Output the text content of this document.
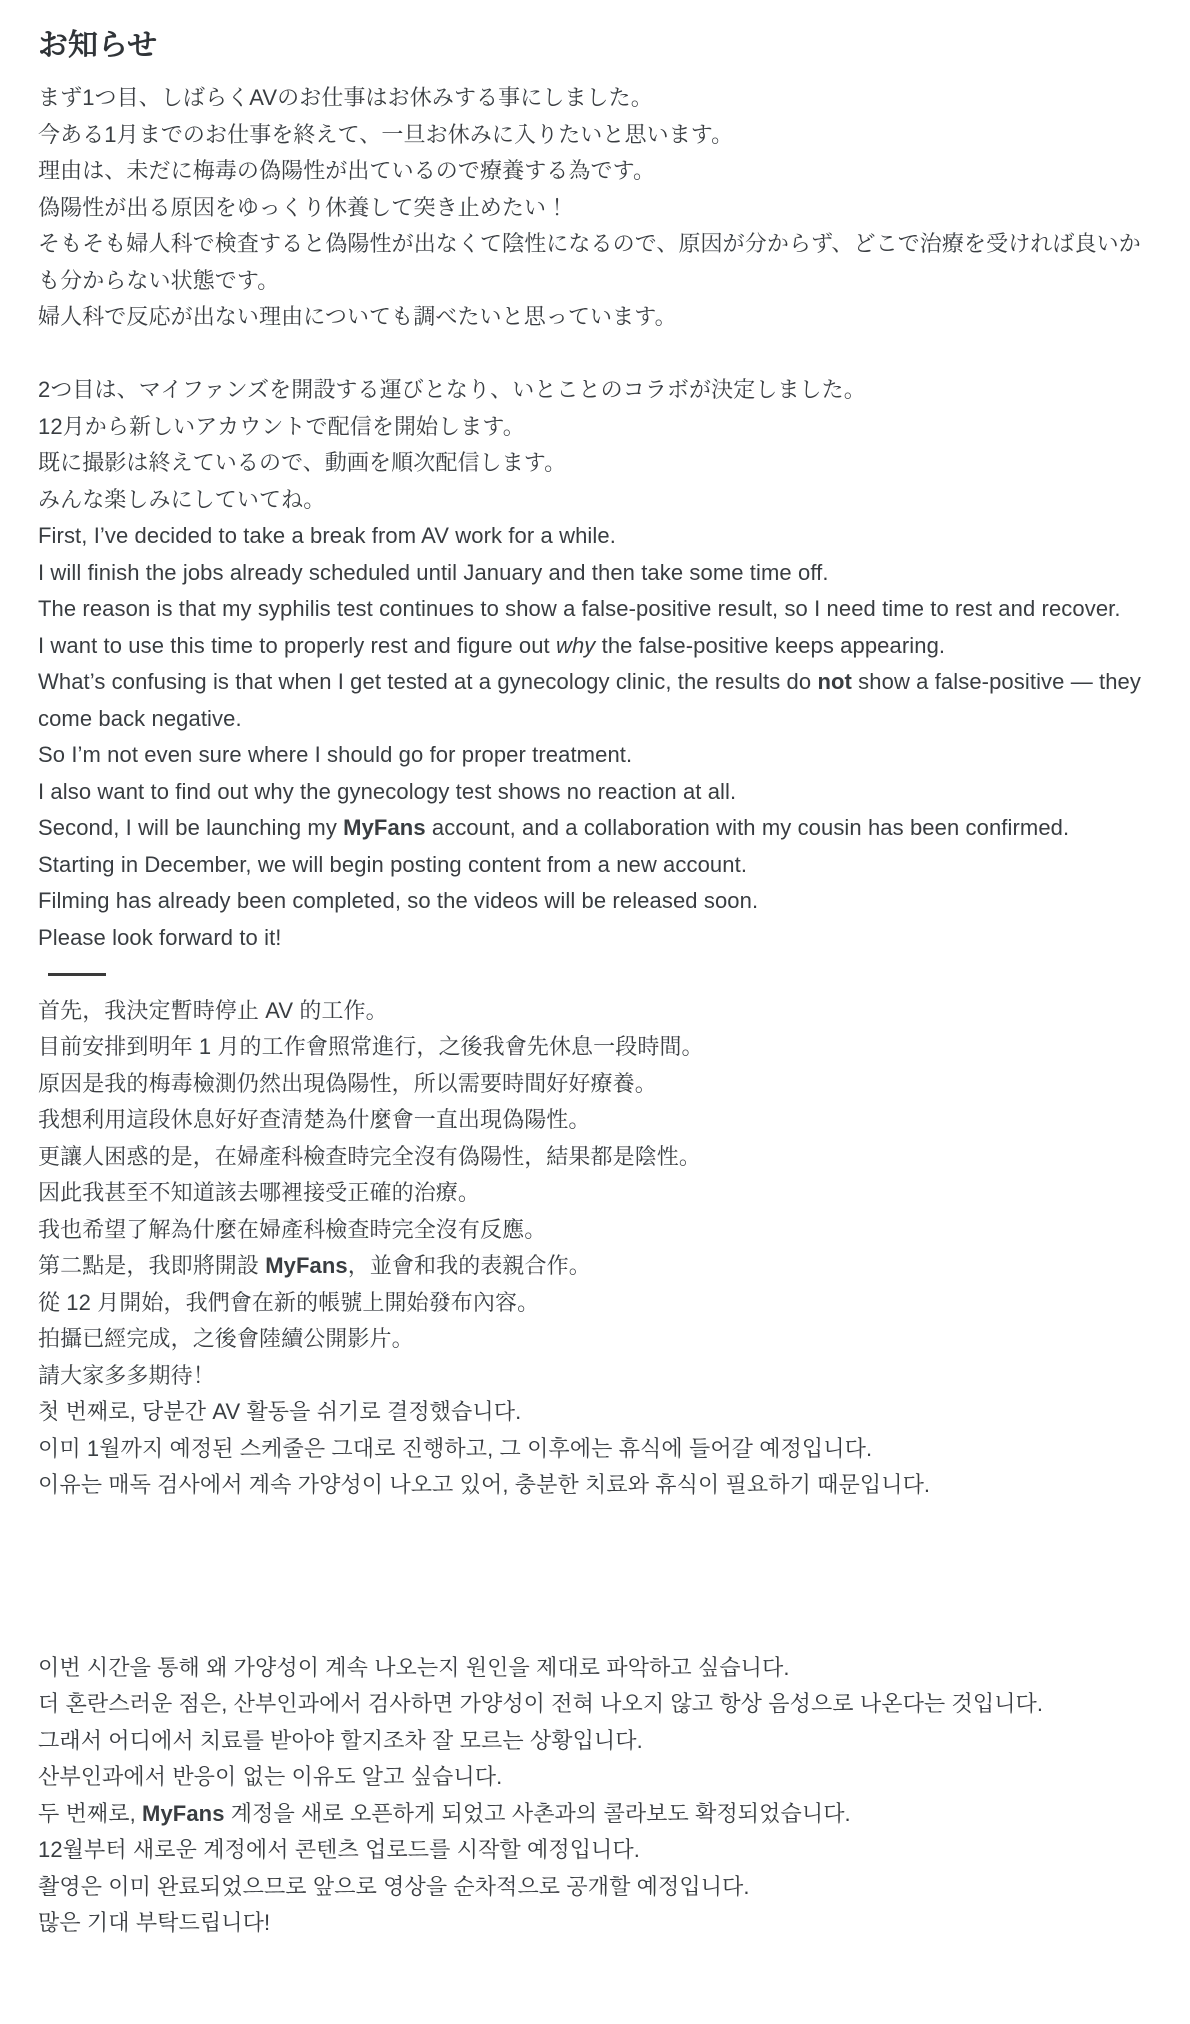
お知らせ

まず1つ目、しばらくAVのお仕事はお休みする事にしました。

今ある1月までのお仕事を終えて、一旦お休みに入りたいと思います。

理由は、未だに梅毒の偽陽性が出ているので療養する為です。

偽陽性が出る原因をゆっくり休養して突き止めたい！

そもそも婦人科で検査すると偽陽性が出なくて陰性になるので、原因が分からず、どこで治療を受ければ良いかも分からない状態です。

婦人科で反応が出ない理由についても調べたいと思っています。

2つ目は、マイファンズを開設する運びとなり、いとことのコラボが決定しました。

12月から新しいアカウントで配信を開始します。

既に撮影は終えているので、動画を順次配信します。

みんな楽しみにしていてね。

First, I’ve decided to take a break from AV work for a while.

I will finish the jobs already scheduled until January and then take some time off.

The reason is that my syphilis test continues to show a false-positive result, so I need time to rest and recover.

I want to use this time to properly rest and figure out why the false-positive keeps appearing.

What’s confusing is that when I get tested at a gynecology clinic, the results do not show a false-positive — they come back negative.

So I’m not even sure where I should go for proper treatment.

I also want to find out why the gynecology test shows no reaction at all.

Second, I will be launching my MyFans account, and a collaboration with my cousin has been confirmed.

Starting in December, we will begin posting content from a new account.

Filming has already been completed, so the videos will be released soon.

Please look forward to it!

首先，我決定暫時停止 AV 的工作。

目前安排到明年 1 月的工作會照常進行，之後我會先休息一段時間。

原因是我的梅毒檢測仍然出現偽陽性，所以需要時間好好療養。

我想利用這段休息好好查清楚為什麼會一直出現偽陽性。

更讓人困惑的是，在婦產科檢查時完全沒有偽陽性，結果都是陰性。

因此我甚至不知道該去哪裡接受正確的治療。

我也希望了解為什麼在婦產科檢查時完全沒有反應。

第二點是，我即將開設 MyFans，並會和我的表親合作。

從 12 月開始，我們會在新的帳號上開始發布內容。

拍攝已經完成，之後會陸續公開影片。

請大家多多期待！

첫 번째로, 당분간 AV 활동을 쉬기로 결정했습니다.

이미 1월까지 예정된 스케줄은 그대로 진행하고, 그 이후에는 휴식에 들어갈 예정입니다.

이유는 매독 검사에서 계속 가양성이 나오고 있어, 충분한 치료와 휴식이 필요하기 때문입니다.

이번 시간을 통해 왜 가양성이 계속 나오는지 원인을 제대로 파악하고 싶습니다.

더 혼란스러운 점은, 산부인과에서 검사하면 가양성이 전혀 나오지 않고 항상 음성으로 나온다는 것입니다.

그래서 어디에서 치료를 받아야 할지조차 잘 모르는 상황입니다.

산부인과에서 반응이 없는 이유도 알고 싶습니다.

두 번째로, MyFans 계정을 새로 오픈하게 되었고 사촌과의 콜라보도 확정되었습니다.

12월부터 새로운 계정에서 콘텐츠 업로드를 시작할 예정입니다.

촬영은 이미 완료되었으므로 앞으로 영상을 순차적으로 공개할 예정입니다.

많은 기대 부탁드립니다!
